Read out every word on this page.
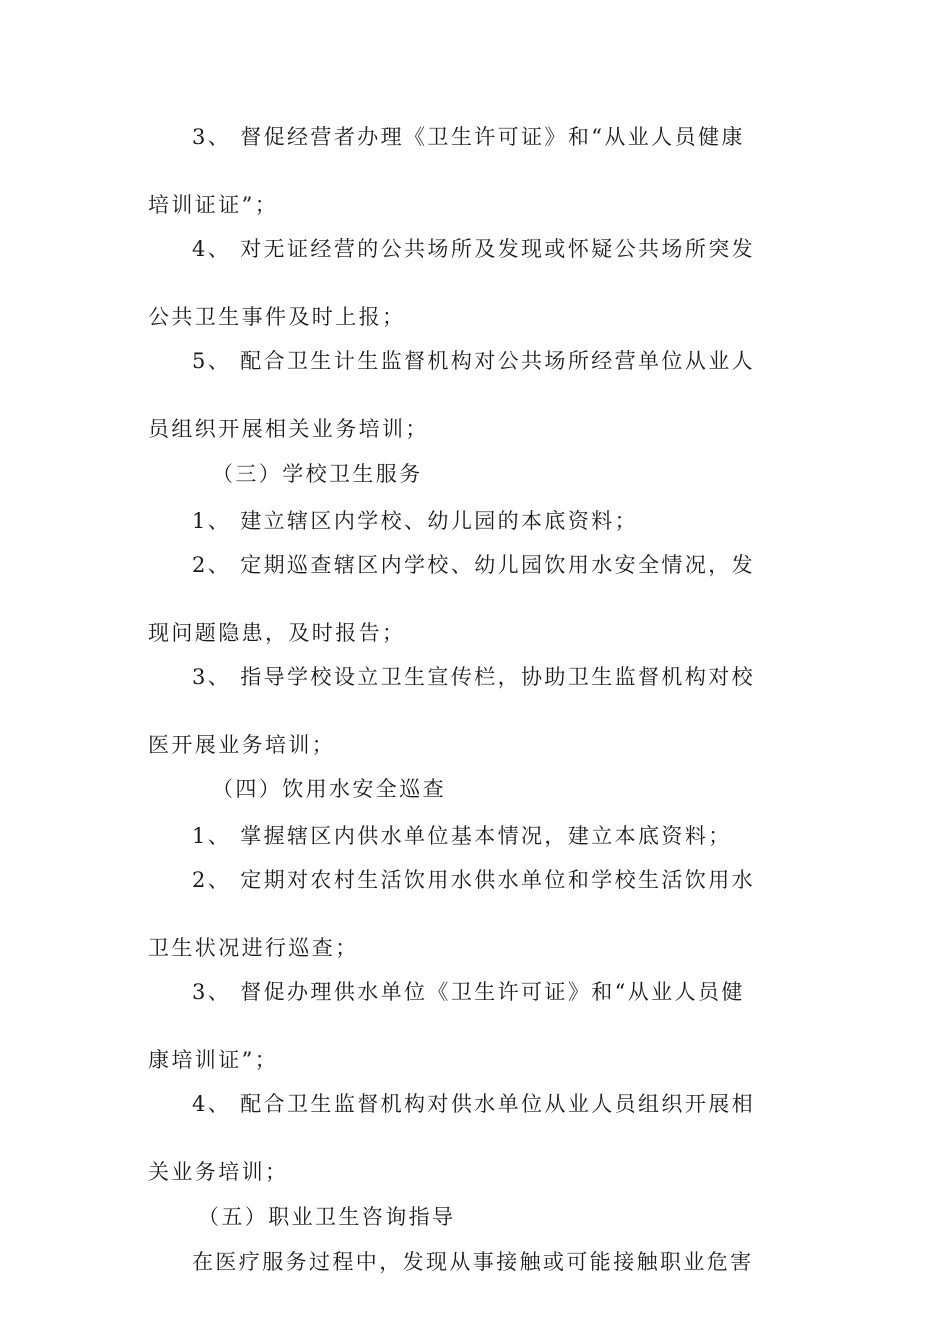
3、 督促经营者办理《卫生许可证》和“从业人员健康
培训证证”；
4、 对无证经营的公共场所及发现或怀疑公共场所突发
公共卫生事件及时上报；
5、 配合卫生计生监督机构对公共场所经营单位从业人
员组织开展相关业务培训；
（三）学校卫生服务
1、 建立辖区内学校、幼儿园的本底资料；
2、 定期巡查辖区内学校、幼儿园饮用水安全情况，发
现问题隐患，及时报告；
3、 指导学校设立卫生宣传栏，协助卫生监督机构对校
医开展业务培训；
（四）饮用水安全巡查
1、 掌握辖区内供水单位基本情况，建立本底资料；
2、 定期对农村生活饮用水供水单位和学校生活饮用水
卫生状况进行巡查；
3、 督促办理供水单位《卫生许可证》和“从业人员健
康培训证”；
4、 配合卫生监督机构对供水单位从业人员组织开展相
关业务培训；
（五）职业卫生咨询指导
在医疗服务过程中，发现从事接触或可能接触职业危害
